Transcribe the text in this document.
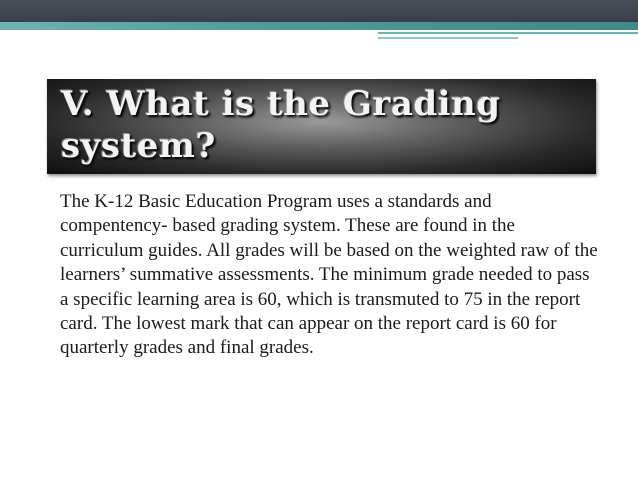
V. What is the Grading system?

The K-12 Basic Education Program uses a standards and compentency- based grading system. These are found in the curriculum guides. All grades will be based on the weighted raw of the learners’ summative assessments. The minimum grade needed to pass a specific learning area is 60, which is transmuted to 75 in the report card. The lowest mark that can appear on the report card is 60 for quarterly grades and final grades.
